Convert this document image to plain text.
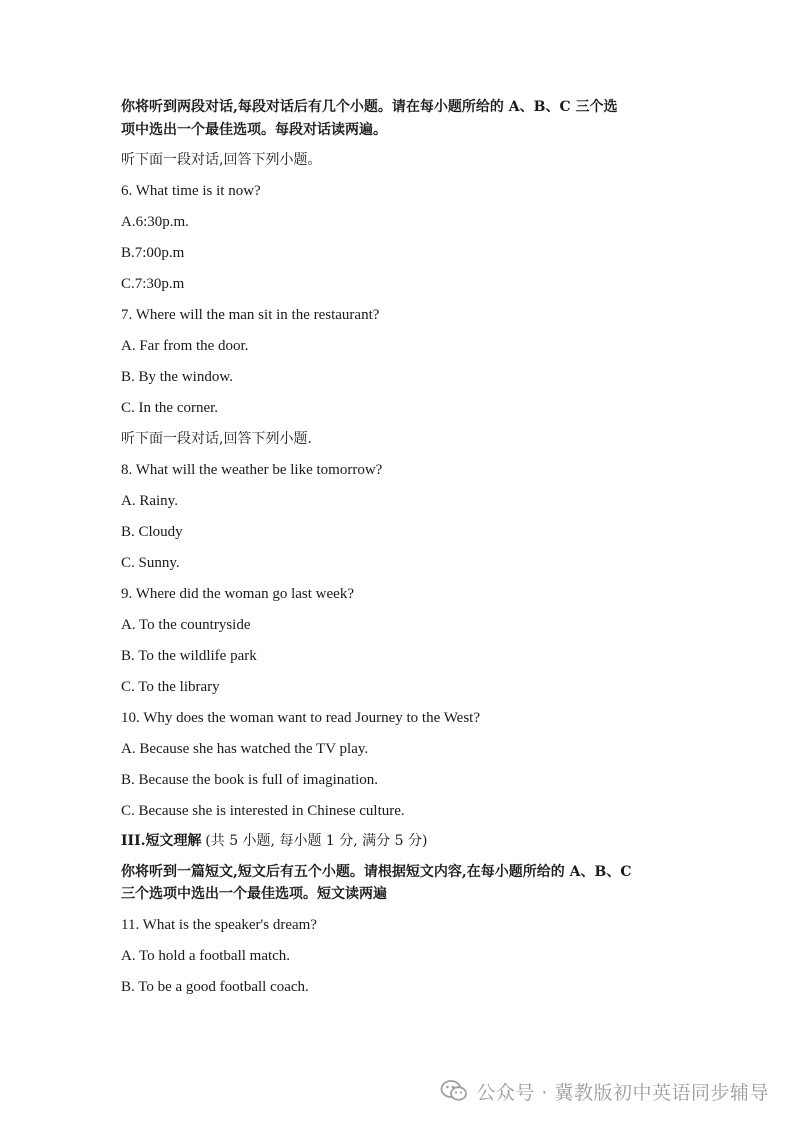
你将听到两段对话,每段对话后有几个小题。请在每小题所给的 A、B、C 三个选
项中选出一个最佳选项。每段对话读两遍。
听下面一段对话,回答下列小题。
6. What time is it now?
A.6:30p.m.
B.7:00p.m
C.7:30p.m
7. Where will the man sit in the restaurant?
A. Far from the door.
B. By the window.
C. In the corner.
听下面一段对话,回答下列小题.
8. What will the weather be like tomorrow?
A. Rainy.
B. Cloudy
C. Sunny.
9. Where did the woman go last week?
A. To the countryside
B. To the wildlife park
C. To the library
10. Why does the woman want to read Journey to the West?
A. Because she has watched the TV play.
B. Because the book is full of imagination.
C. Because she is interested in Chinese culture.
III.短文理解 (共 5 小题, 每小题 1 分, 满分 5 分)
你将听到一篇短文,短文后有五个小题。请根据短文内容,在每小题所给的 A、B、C
三个选项中选出一个最佳选项。短文读两遍
11. What is the speaker's dream?
A. To hold a football match.
B. To be a good football coach.
公众号 · 冀教版初中英语同步辅导
